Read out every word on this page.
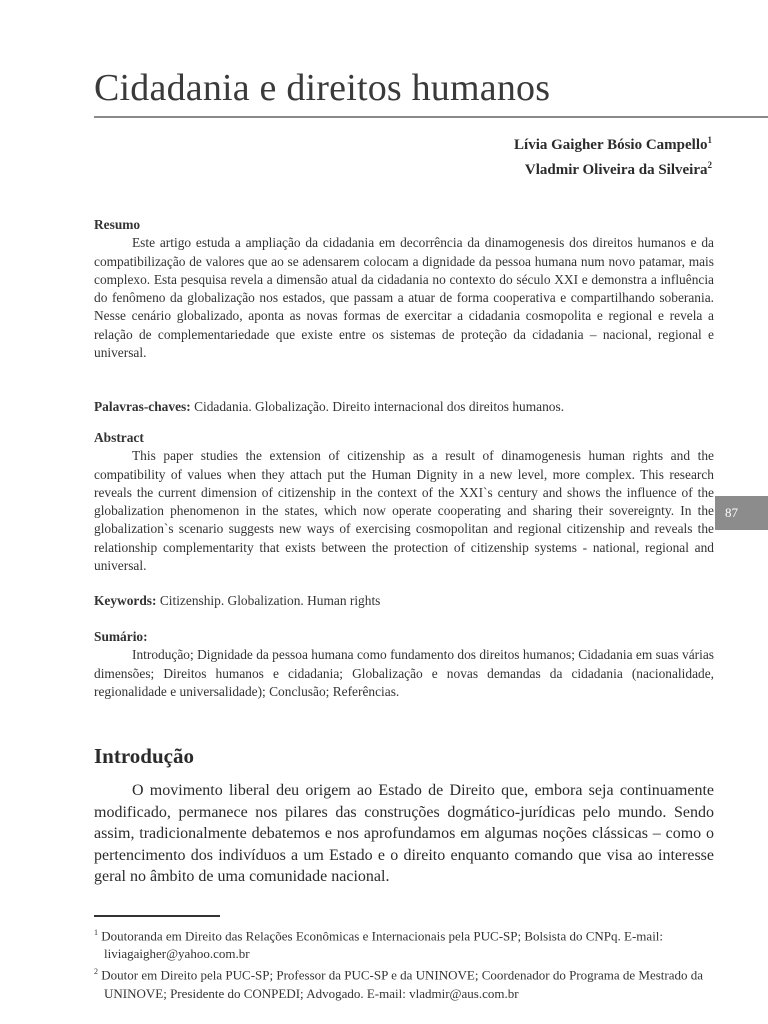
Cidadania e direitos humanos
Lívia Gaigher Bósio Campello$^1$
Vladmir Oliveira da Silveira$^2$
Resumo
Este artigo estuda a ampliação da cidadania em decorrência da dinamogenesis dos direitos humanos e da compatibilização de valores que ao se adensarem colocam a dignidade da pessoa humana num novo patamar, mais complexo. Esta pesquisa revela a dimensão atual da cidadania no contexto do século XXI e demonstra a influência do fenômeno da globalização nos estados, que passam a atuar de forma cooperativa e compartilhando soberania. Nesse cenário globalizado, aponta as novas formas de exercitar a cidadania cosmopolita e regional e revela a relação de complementariedade que existe entre os sistemas de proteção da cidadania – nacional, regional e universal.
Palavras-chaves: Cidadania. Globalização. Direito internacional dos direitos humanos.
Abstract
This paper studies the extension of citizenship as a result of dinamogenesis human rights and the compatibility of values when they attach put the Human Dignity in a new level, more complex. This research reveals the current dimension of citizenship in the context of the XXI`s century and shows the influence of the globalization phenomenon in the states, which now operate cooperating and sharing their sovereignty. In the globalization`s scenario suggests new ways of exercising cosmopolitan and regional citizenship and reveals the relationship complementarity that exists between the protection of citizenship systems - national, regional and universal.
Keywords: Citizenship. Globalization. Human rights
Sumário:
Introdução; Dignidade da pessoa humana como fundamento dos direitos humanos; Cidadania em suas várias dimensões; Direitos humanos e cidadania; Globalização e novas demandas da cidadania (nacionalidade, regionalidade e universalidade); Conclusão; Referências.
Introdução
O movimento liberal deu origem ao Estado de Direito que, embora seja continuamente modificado, permanece nos pilares das construções dogmático-jurídicas pelo mundo. Sendo assim, tradicionalmente debatemos e nos aprofundamos em algumas noções clássicas – como o pertencimento dos indivíduos a um Estado e o direito enquanto comando que visa ao interesse geral no âmbito de uma comunidade nacional.
$^1$ Doutoranda em Direito das Relações Econômicas e Internacionais pela PUC-SP; Bolsista do CNPq. E-mail: liviagaigher@yahoo.com.br
$^2$ Doutor em Direito pela PUC-SP; Professor da PUC-SP e da UNINOVE; Coordenador do Programa de Mestrado da UNINOVE; Presidente do CONPEDI; Advogado. E-mail: vladmir@aus.com.br
87
